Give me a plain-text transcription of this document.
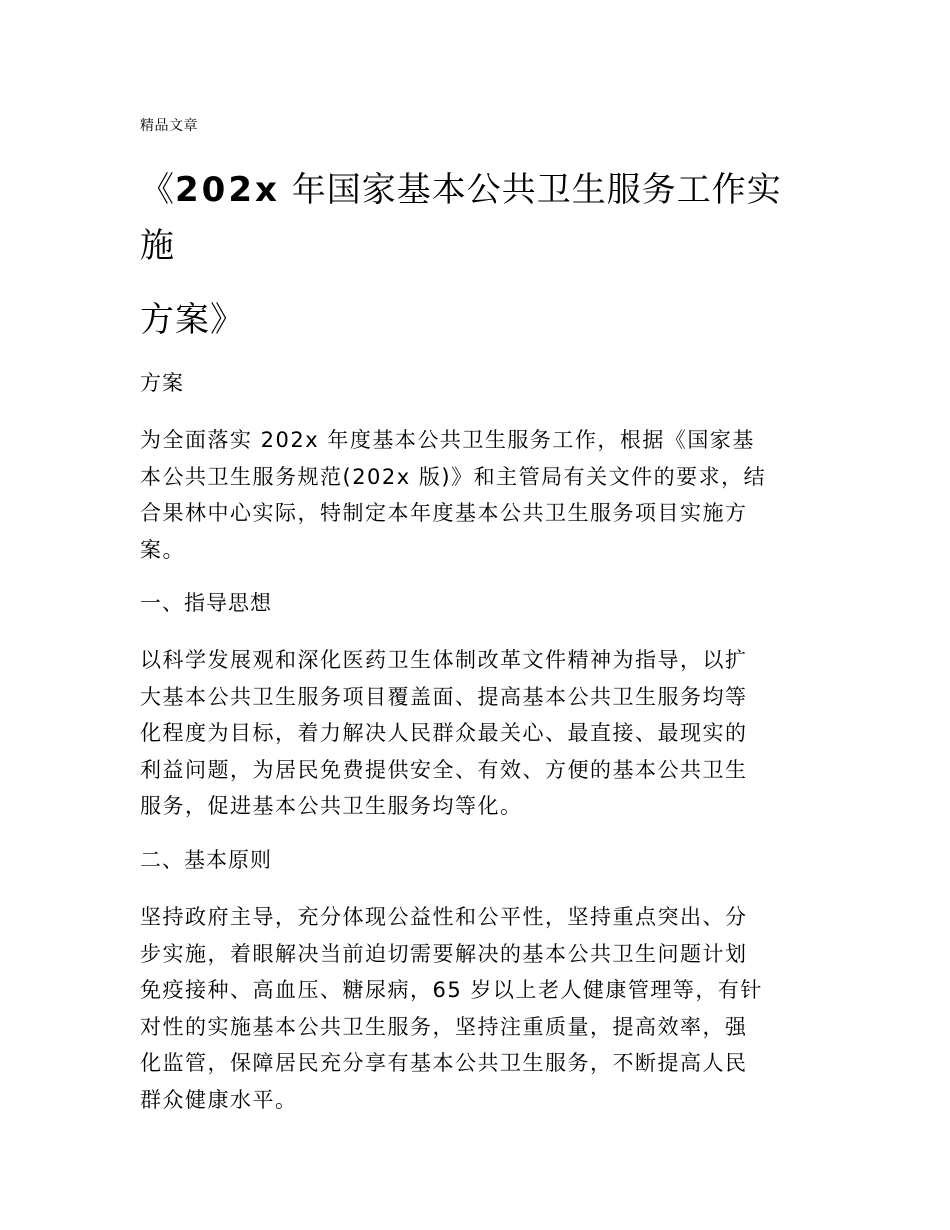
精品文章
《202x 年国家基本公共卫生服务工作实
施
方案》
方案

为全面落实 202x 年度基本公共卫生服务工作，根据《国家基
本公共卫生服务规范(202x 版)》和主管局有关文件的要求，结
合果林中心实际，特制定本年度基本公共卫生服务项目实施方
案。

一、指导思想

以科学发展观和深化医药卫生体制改革文件精神为指导，以扩
大基本公共卫生服务项目覆盖面、提高基本公共卫生服务均等
化程度为目标，着力解决人民群众最关心、最直接、最现实的
利益问题，为居民免费提供安全、有效、方便的基本公共卫生
服务，促进基本公共卫生服务均等化。

二、基本原则

坚持政府主导，充分体现公益性和公平性，坚持重点突出、分
步实施，着眼解决当前迫切需要解决的基本公共卫生问题计划
免疫接种、高血压、糖尿病，65 岁以上老人健康管理等，有针
对性的实施基本公共卫生服务，坚持注重质量，提高效率，强
化监管，保障居民充分享有基本公共卫生服务，不断提高人民
群众健康水平。
